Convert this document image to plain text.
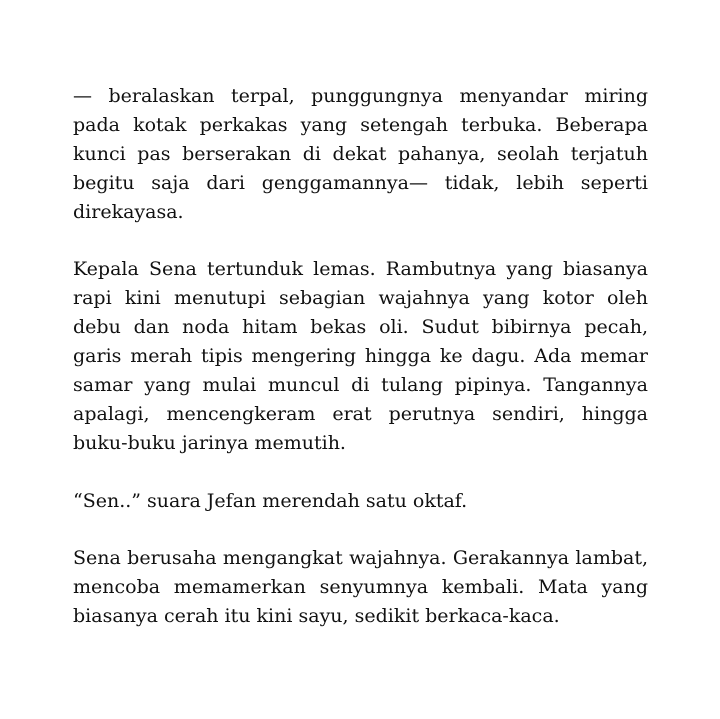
— beralaskan terpal, punggungnya menyandar miring pada kotak perkakas yang setengah terbuka. Beberapa kunci pas berserakan di dekat pahanya, seolah terjatuh begitu saja dari genggamannya— tidak, lebih seperti direkayasa.

Kepala Sena tertunduk lemas. Rambutnya yang biasanya rapi kini menutupi sebagian wajahnya yang kotor oleh debu dan noda hitam bekas oli. Sudut bibirnya pecah, garis merah tipis mengering hingga ke dagu. Ada memar samar yang mulai muncul di tulang pipinya. Tangannya apalagi, mencengkeram erat perutnya sendiri, hingga buku-buku jarinya memutih.

“Sen..” suara Jefan merendah satu oktaf.

Sena berusaha mengangkat wajahnya. Gerakannya lambat, mencoba memamerkan senyumnya kembali. Mata yang biasanya cerah itu kini sayu, sedikit berkaca-kaca.
